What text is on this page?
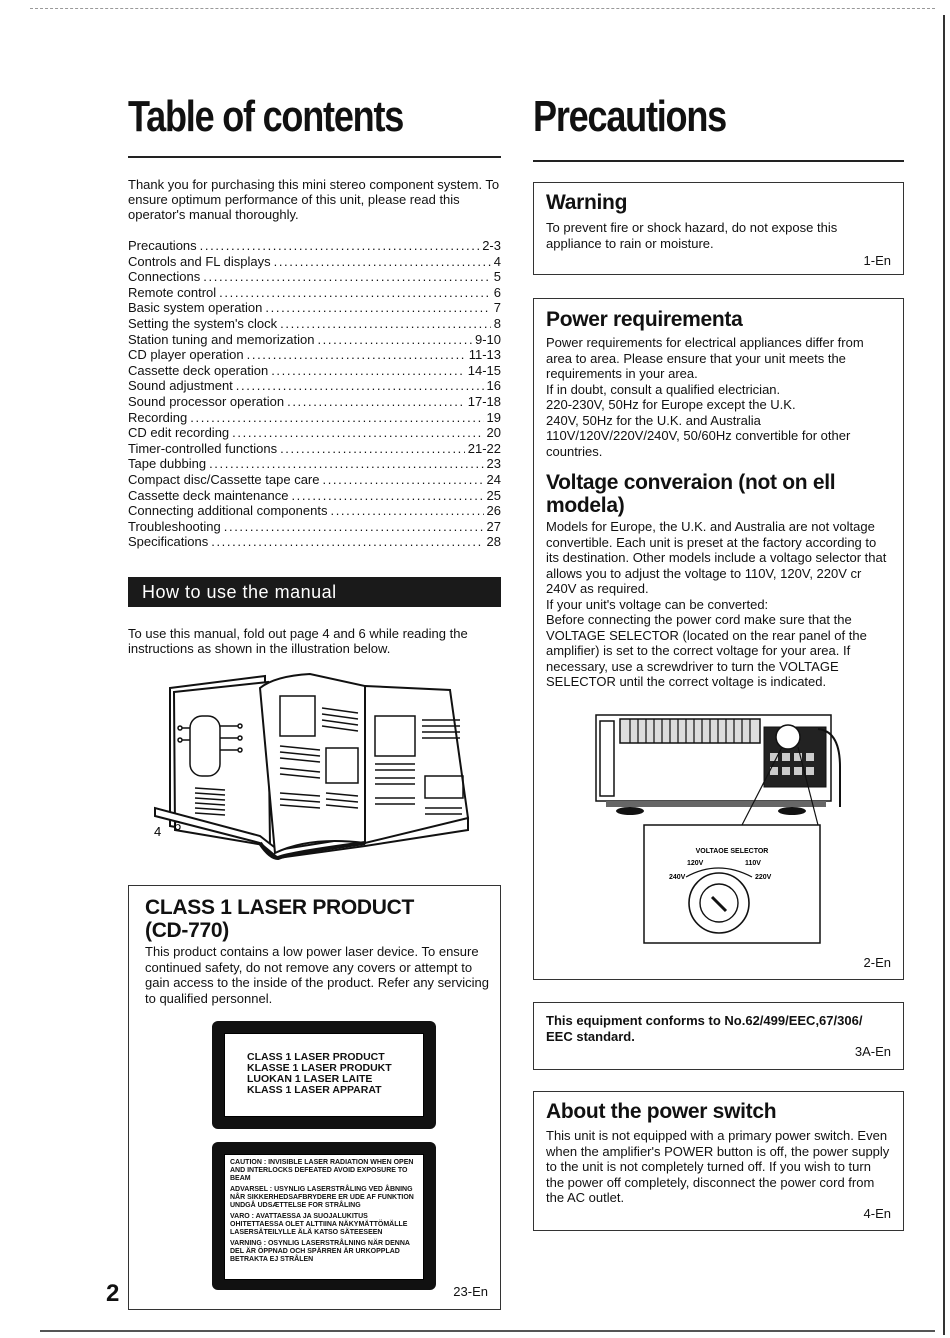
Table of contents
Thank you for purchasing this mini stereo component system. To ensure optimum performance of this unit, please read this operator's manual thoroughly.
Precautions . . .	2-3
Controls and FL displays . . .	4
Connections . . .	5
Remote control . . .	6
Basic system operation . . .	7
Setting the system's clock . . .	8
Station tuning and memorization . . .	9-10
CD player operation . . .	11-13
Cassette deck operation . . .	14-15
Sound adjustment . . .	16
Sound processor operation . . .	17-18
Recording . . .	19
CD edit recording . . .	20
Timer-controlled functions . . .	21-22
Tape dubbing . . .	23
Compact disc/Cassette tape care . . .	24
Cassette deck maintenance . . .	25
Connecting additional components . . .	26
Troubleshooting . . .	27
Specifications . . .	28
How to use the manual
To use this manual, fold out page 4 and 6 while reading the instructions as shown in the illustration below.
4 6
CLASS 1 LASER PRODUCT
(CD-770)

This product contains a low power laser device. To ensure continued safety, do not remove any covers or attempt to gain access to the inside of the product. Refer any servicing to qualified personnel.

CLASS 1 LASER PRODUCT
KLASSE 1 LASER PRODUKT
LUOKAN 1 LASER LAITE
KLASS 1 LASER APPARAT
CAUTION : INVISIBLE LASER RADIATION WHEN OPEN AND INTERLOCKS DEFEATED AVOID EXPOSURE TO BEAM
ADVARSEL : USYNLIG LASERSTRÅLING VED ÅBNING NÅR SIKKERHEDSAFBRYDERE ER UDE AF FUNKTION UNDGÅ UDSÆTTELSE FOR STRÅLING
VARO : AVATTAESSA JA SUOJALUKITUS OHITETTAESSA OLET ALTTIINA NÄKYMÄTTÖMÄLLE LASERSÄTEILYLLE ÄLÄ KATSO SÄTEESEEN
VARNING : OSYNLIG LASERSTRÅLNING NÄR DENNA DEL ÄR ÖPPNAD OCH SPÄRREN ÄR URKOPPLAD BETRAKTA EJ STRÅLEN
23-En
2
Precautions
Warning

To prevent fire or shock hazard, do not expose this appliance to rain or moisture.

1-En
Power requirementa

Power requirements for electrical appliances differ from area to area. Please ensure that your unit meets the requirements in your area.

If in doubt, consult a qualified electrician.

220-230V, 50Hz for Europe except the U.K.

240V, 50Hz for the U.K. and Australia

110V/120V/220V/240V, 50/60Hz convertible for other countries.

Voltage converaion (not on ell modela)

Models for Europe, the U.K. and Australia are not voltage convertible. Each unit is preset at the factory according to its destination. Other models include a voltago selector that allows you to adjust the voltage to 110V, 120V, 220V cr 240V as required.

If your unit's voltage can be converted:

Before connecting the power cord make sure that the VOLTAGE SELECTOR (located on the rear panel of the amplifier) is set to the correct voltage for your area. If necessary, use a screwdriver to turn the VOLTAGE SELECTOR until the correct voltage is indicated.

VOLTAOE SELECTOR
120V	110V
240V	220V
2-En

This equipment conforms to No.62/499/EEC,67/306/ EEC standard.

3A-En
About the power switch

This unit is not equipped with a primary power switch. Even when the amplifier's POWER button is off, the power supply to the unit is not completely turned off. If you wish to turn the power off completely, disconnect the power cord from the AC outlet.

4-En
